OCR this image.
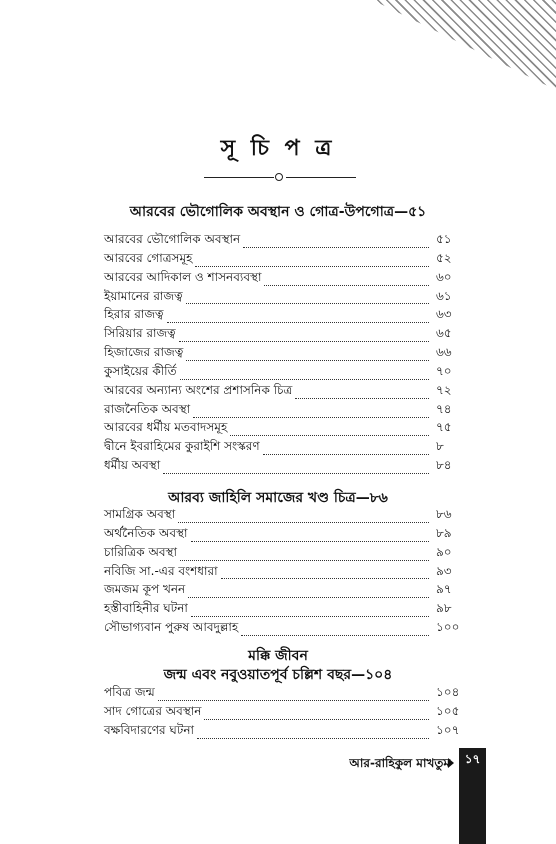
সূ চি প ত্র
আরবের ভৌগোলিক অবস্থান ও গোত্র-উপগোত্র—৫১
আরবের ভৌগোলিক অবস্থান	৫১
আরবের গোত্রসমূহ	৫২
আরবের আদিকাল ও শাসনব্যবস্থা	৬০
ইয়ামানের রাজত্ব	৬১
হিরার রাজত্ব	৬৩
সিরিয়ার রাজত্ব	৬৫
হিজাজের রাজত্ব	৬৬
কুসাইয়ের কীর্তি	৭০
আরবের অন্যান্য অংশের প্রশাসনিক চিত্র	৭২
রাজনৈতিক অবস্থা	৭৪
আরবের ধর্মীয় মতবাদসমূহ	৭৫
দ্বীনে ইবরাহিমের কুরাইশি সংস্করণ	৮
ধর্মীয় অবস্থা	৮৪
আরব্য জাহিলি সমাজের খণ্ড চিত্র—৮৬
সামগ্রিক অবস্থা	৮৬
অর্থনৈতিক অবস্থা	৮৯
চারিত্রিক অবস্থা	৯০
নবিজি সা.-এর বংশধারা	৯৩
জমজম কূপ খনন	৯৭
হস্তীবাহিনীর ঘটনা	৯৮
সৌভাগ্যবান পুরুষ আবদুল্লাহ	১০০
মক্কি জীবন
জন্ম এবং নবুওয়াতপূর্ব চল্লিশ বছর—১০৪
পবিত্র জন্ম	১০৪
সাদ গোত্রের অবস্থান	১০৫
বক্ষবিদারণের ঘটনা	১০৭
আর-রাহিকুল মাখতুম	১৭
